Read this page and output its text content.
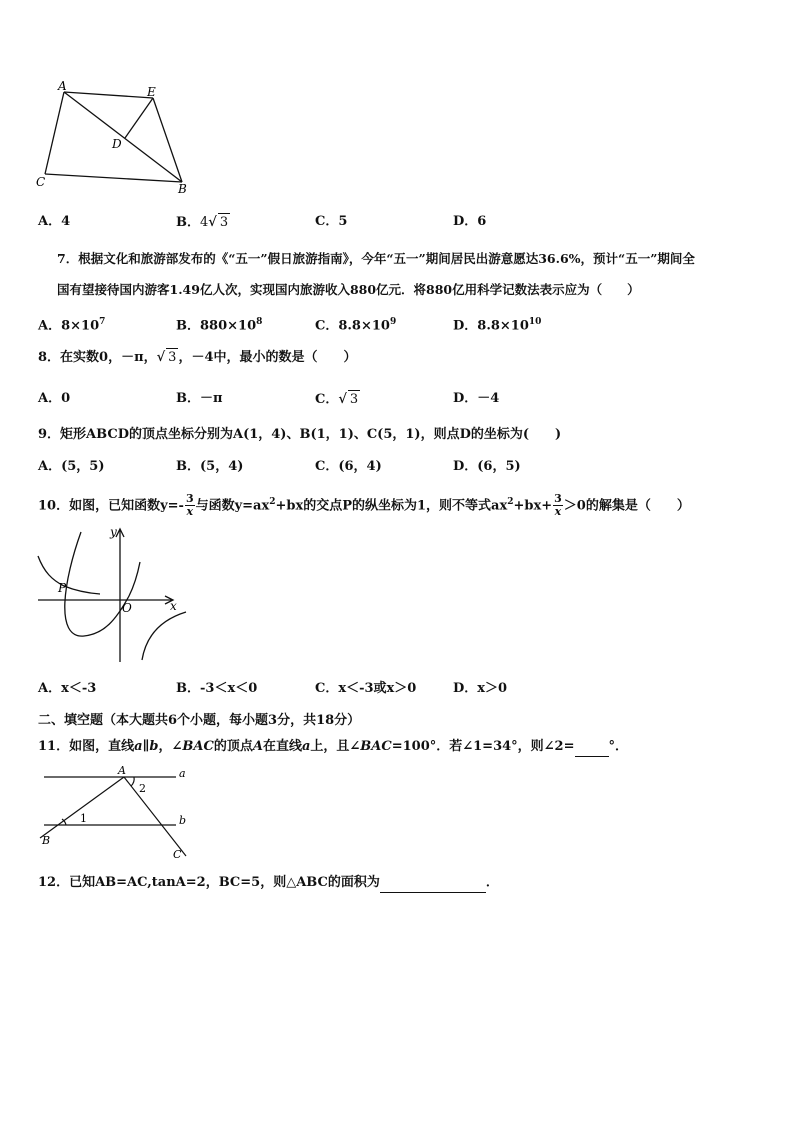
A	E
D
C	B
A．4	B．4√ 3	C．5	D．6
7．根据文化和旅游部发布的《“五一”假日旅游指南》，今年“五一”期间居民出游意愿达36.6%，预计“五一”期间全
国有望接待国内游客1.49亿人次，实现国内旅游收入880亿元．将880亿用科学记数法表示应为（　　）
A．$8\times 10^7$	B．$880\times 10^8$	C．$8.8\times 10^9$	D．$8.8\times 10^{10}$
8．在实数0，－π，√ 3 ，－4中，最小的数是（　　）
A．0	B．－π	C．√ 3	D．－4
9．矩形ABCD的顶点坐标分别为A(1，4)、B(1，1)、C(5，1)，则点D的坐标为(　　)
A．(5，5)	B．(5，4)	C．(6，4)	D．(6，5)
10．如图，已知函数$y=- \frac{3}{x}$ 与函数$y=ax^2+bx$的交点P的纵坐标为1，则不等式$ax^2+bx+ \frac{3}{x} >0$的解集是（　　）
y
x
P
O
A．x＜-3	B．-3＜x＜0	C．x＜-3或x＞0	D．x＞0
二、填空题（本大题共6个小题，每小题3分，共18分）
11．如图，直线a∥b，∠BAC的顶点A在直线a上，且∠BAC=100°．若∠1=34°，则∠2=	°．
A	a
b
B
C
1
2
12．已知AB=AC,tanA=2，BC=5，则△ABC的面积为	．
